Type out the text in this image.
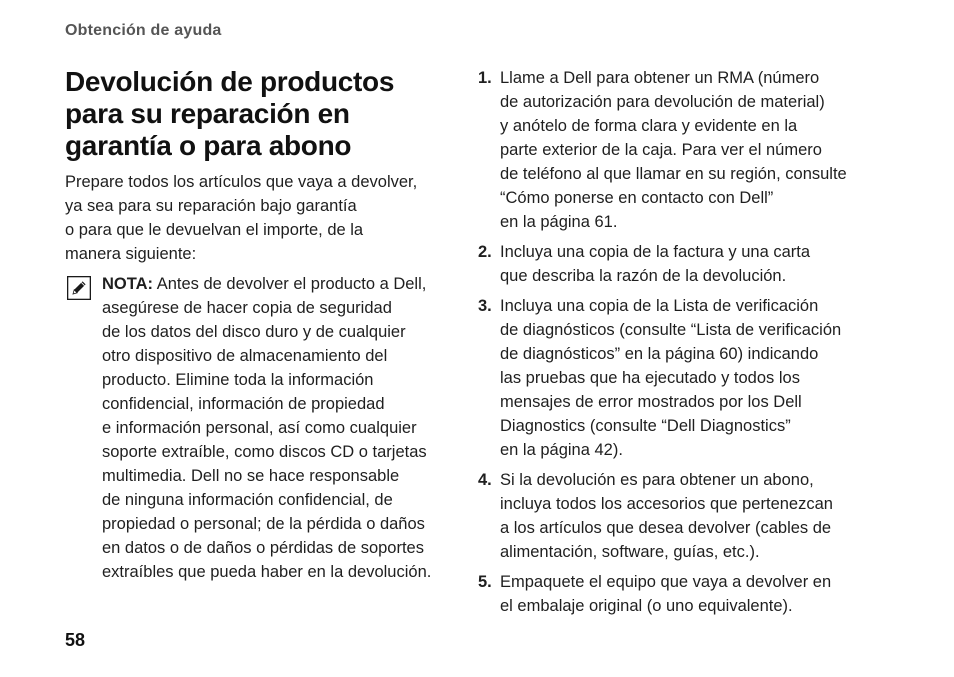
Obtención de ayuda
Devolución de productos
para su reparación en
garantía o para abono
Prepare todos los artículos que vaya a devolver,
ya sea para su reparación bajo garantía
o para que le devuelvan el importe, de la
manera siguiente:
NOTA: Antes de devolver el producto a Dell,
asegúrese de hacer copia de seguridad
de los datos del disco duro y de cualquier
otro dispositivo de almacenamiento del
producto. Elimine toda la información
confidencial, información de propiedad
e información personal, así como cualquier
soporte extraíble, como discos CD o tarjetas
multimedia. Dell no se hace responsable
de ninguna información confidencial, de
propiedad o personal; de la pérdida o daños
en datos o de daños o pérdidas de soportes
extraíbles que pueda haber en la devolución.
1. Llame a Dell para obtener un RMA (número
de autorización para devolución de material)
y anótelo de forma clara y evidente en la
parte exterior de la caja. Para ver el número
de teléfono al que llamar en su región, consulte
“Cómo ponerse en contacto con Dell”
en la página 61.
2. Incluya una copia de la factura y una carta
que describa la razón de la devolución.
3. Incluya una copia de la Lista de verificación
de diagnósticos (consulte “Lista de verificación
de diagnósticos” en la página 60) indicando
las pruebas que ha ejecutado y todos los
mensajes de error mostrados por los Dell
Diagnostics (consulte “Dell Diagnostics”
en la página 42).
4. Si la devolución es para obtener un abono,
incluya todos los accesorios que pertenezcan
a los artículos que desea devolver (cables de
alimentación, software, guías, etc.).
5. Empaquete el equipo que vaya a devolver en
el embalaje original (o uno equivalente).
58
